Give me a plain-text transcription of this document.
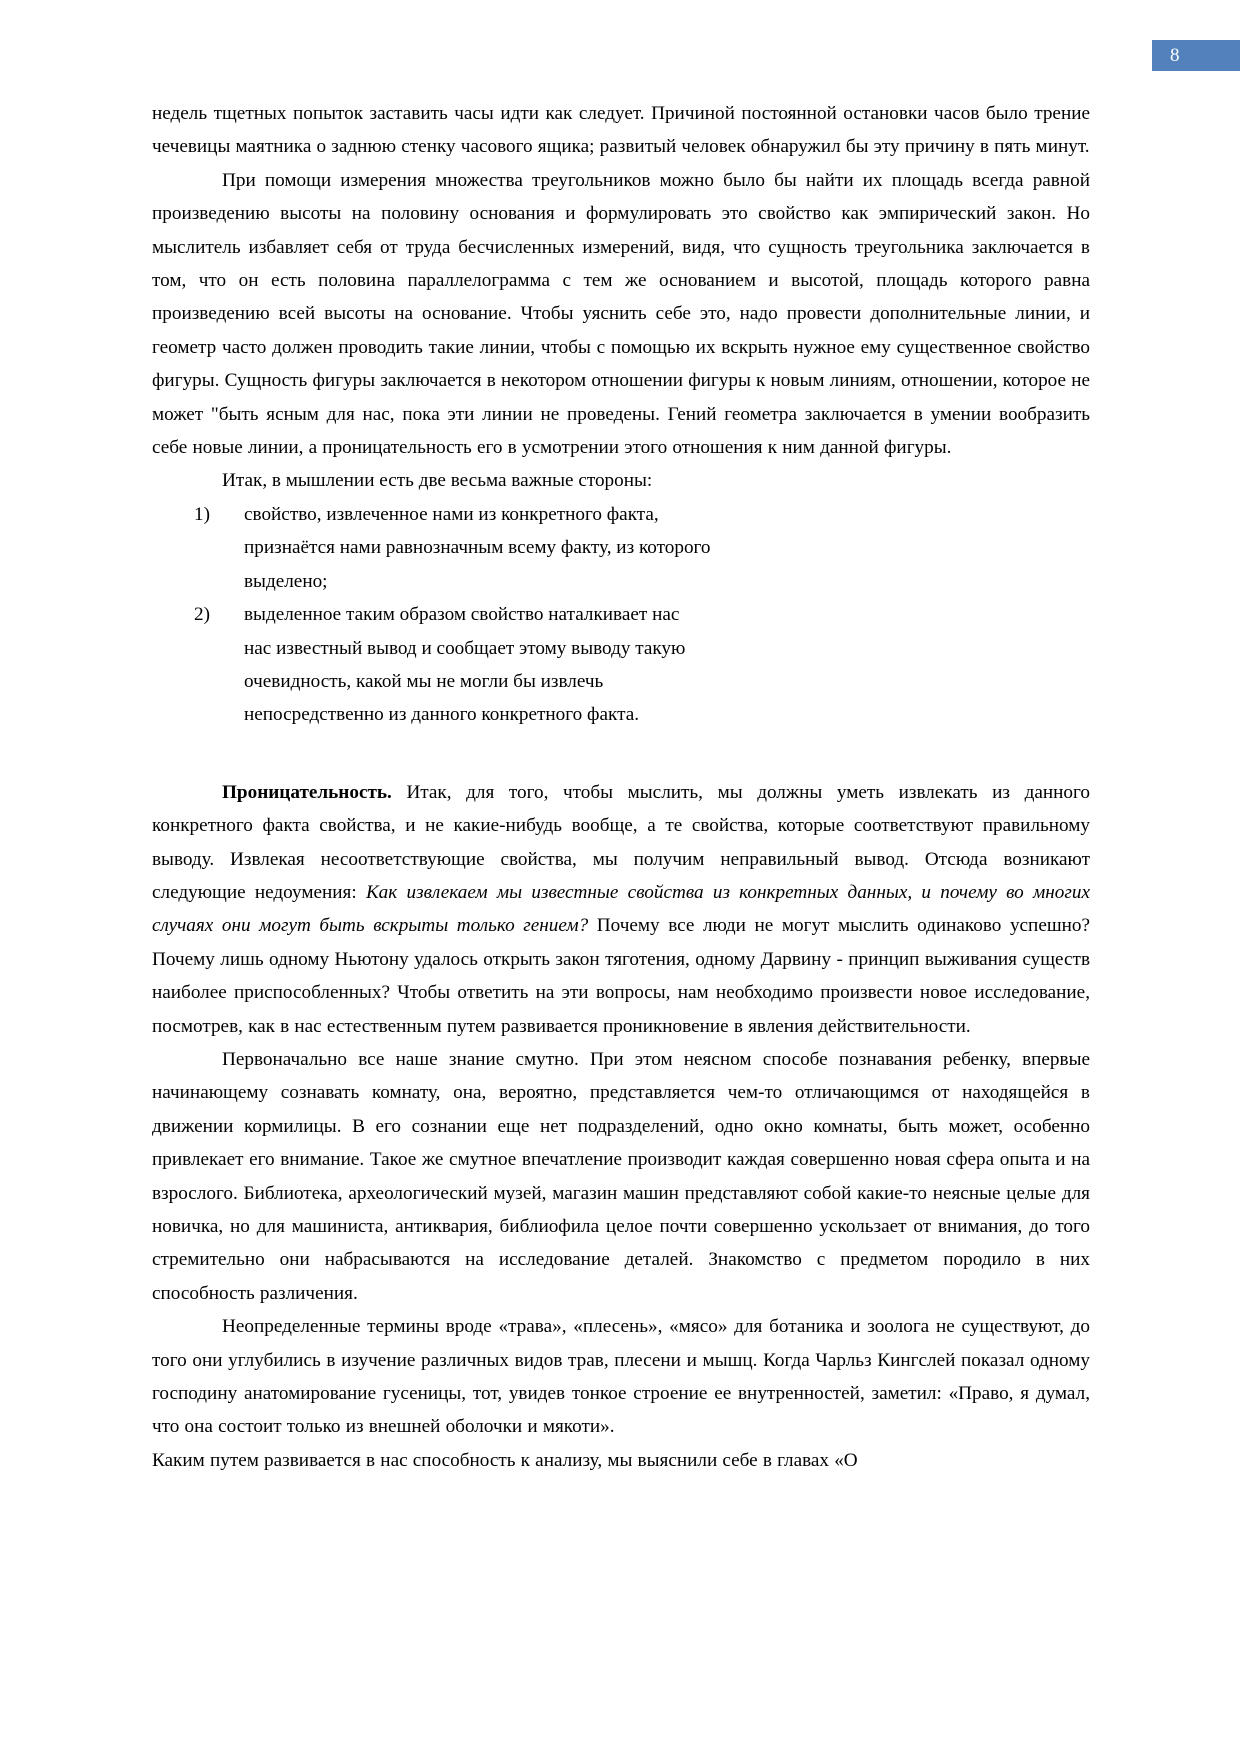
8

недель тщетных попыток заставить часы идти как следует. Причиной постоянной остановки часов было трение чечевицы маятника о заднюю стенку часового ящика; развитый человек обнаружил бы эту причину в пять минут.

При помощи измерения множества треугольников можно было бы найти их площадь всегда равной произведению высоты на половину основания и формулировать это свойство как эмпирический закон. Но мыслитель избавляет себя от труда бесчисленных измерений, видя, что сущность треугольника заключается в том, что он есть половина параллелограмма с тем же основанием и высотой, площадь которого равна произведению всей высоты на основание. Чтобы уяснить себе это, надо провести дополнительные линии, и геометр часто должен проводить такие линии, чтобы с помощью их вскрыть нужное ему существенное свойство фигуры. Сущность фигуры заключается в некотором отношении фигуры к новым линиям, отношении, которое не может "быть ясным для нас, пока эти линии не проведены. Гений геометра заключается в умении вообразить себе новые линии, а проницательность его в усмотрении этого отношения к ним данной фигуры.

Итак, в мышлении есть две весьма важные стороны:

1)	свойство, извлеченное нами из конкретного факта,
признаётся нами равнозначным всему факту, из которого
выделено;
2)	выделенное таким образом свойство наталкивает нас
нас известный вывод и сообщает этому выводу такую
очевидность, какой мы не могли бы извлечь
непосредственно из данного конкретного факта.

Проницательность. Итак, для того, чтобы мыслить, мы должны уметь извлекать из данного конкретного факта свойства, и не какие-нибудь вообще, а те свойства, которые соответствуют правильному выводу. Извлекая несоответствующие свойства, мы получим неправильный вывод. Отсюда возникают следующие недоумения: Как извлекаем мы известные свойства из конкретных данных, и почему во многих случаях они могут быть вскрыты только гением? Почему все люди не могут мыслить одинаково успешно? Почему лишь одному Ньютону удалось открыть закон тяготения, одному Дарвину - принцип выживания существ наиболее приспособленных? Чтобы ответить на эти вопросы, нам необходимо произвести новое исследование, посмотрев, как в нас естественным путем развивается проникновение в явления действительности.

Первоначально все наше знание смутно. При этом неясном способе познавания ребенку, впервые начинающему сознавать комнату, она, вероятно, представляется чем-то отличающимся от находящейся в движении кормилицы. В его сознании еще нет подразделений, одно окно комнаты, быть может, особенно привлекает его внимание. Такое же смутное впечатление производит каждая совершенно новая сфера опыта и на взрослого. Библиотека, археологический музей, магазин машин представляют собой какие-то неясные целые для новичка, но для машиниста, антиквария, библиофила целое почти совершенно ускользает от внимания, до того стремительно они набрасываются на исследование деталей. Знакомство с предметом породило в них способность различения.

Неопределенные термины вроде «трава», «плесень», «мясо» для ботаника и зоолога не существуют, до того они углубились в изучение различных видов трав, плесени и мышц. Когда Чарльз Кингслей показал одному господину анатомирование гусеницы, тот, увидев тонкое строение ее внутренностей, заметил: «Право, я думал, что она состоит только из внешней оболочки и мякоти».

Каким путем развивается в нас способность к анализу, мы выяснили себе в главах «О
